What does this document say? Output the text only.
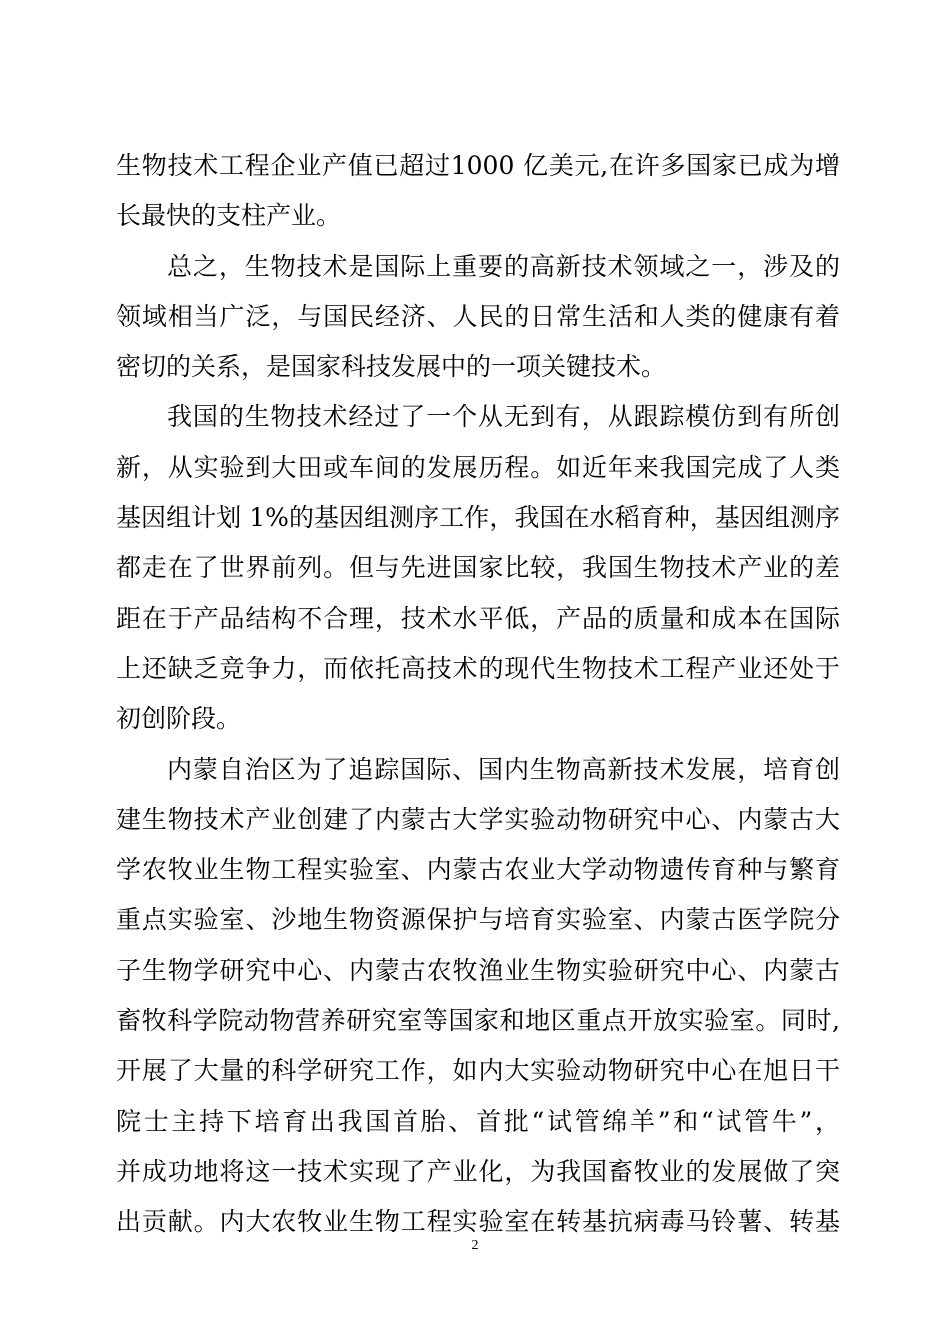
生物技术工程企业产值已超过1000 亿美元,在许多国家已成为增
长最快的支柱产业。
总之，生物技术是国际上重要的高新技术领域之一，涉及的
领域相当广泛，与国民经济、人民的日常生活和人类的健康有着
密切的关系，是国家科技发展中的一项关键技术。
我国的生物技术经过了一个从无到有，从跟踪模仿到有所创
新，从实验到大田或车间的发展历程。如近年来我国完成了人类
基因组计划 1%的基因组测序工作，我国在水稻育种，基因组测序
都走在了世界前列。但与先进国家比较，我国生物技术产业的差
距在于产品结构不合理，技术水平低，产品的质量和成本在国际
上还缺乏竞争力，而依托高技术的现代生物技术工程产业还处于
初创阶段。
内蒙自治区为了追踪国际、国内生物高新技术发展，培育创
建生物技术产业创建了内蒙古大学实验动物研究中心、内蒙古大
学农牧业生物工程实验室、内蒙古农业大学动物遗传育种与繁育
重点实验室、沙地生物资源保护与培育实验室、内蒙古医学院分
子生物学研究中心、内蒙古农牧渔业生物实验研究中心、内蒙古
畜牧科学院动物营养研究室等国家和地区重点开放实验室。同时,
开展了大量的科学研究工作，如内大实验动物研究中心在旭日干
院士主持下培育出我国首胎、首批“试管绵羊”和“试管牛”，
并成功地将这一技术实现了产业化，为我国畜牧业的发展做了突
出贡献。内大农牧业生物工程实验室在转基抗病毒马铃薯、转基
2
